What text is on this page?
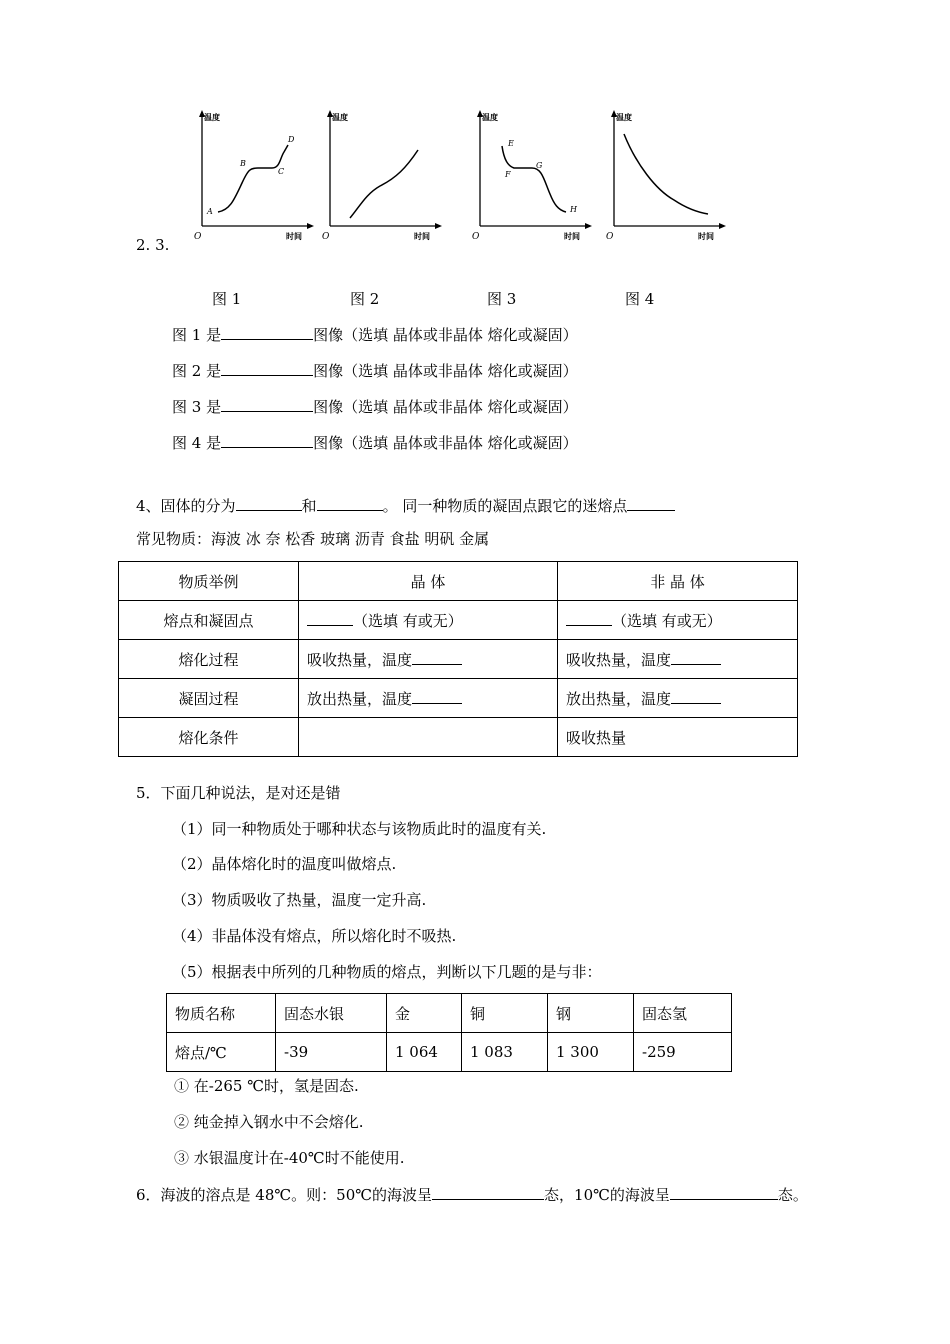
温度
O	时间
A
B
C
D
温度
O	时间
温度
O	时间
E
F
G
H
温度
O	时间
2. 3.
图 1	图 2	图 3	图 4
图 1 是	图像（选填 晶体或非晶体 熔化或凝固）
图 2 是	图像（选填 晶体或非晶体 熔化或凝固）
图 3 是	图像（选填 晶体或非晶体 熔化或凝固）
图 4 是	图像（选填 晶体或非晶体 熔化或凝固）
4、固体的分为	和	。 同一种物质的凝固点跟它的迷熔点
常见物质：海波 冰 奈 松香 玻璃 沥青 食盐 明矾 金属
物质举例	晶 体	非 晶 体
熔点和凝固点	（选填 有或无）	（选填 有或无）
熔化过程	吸收热量，温度	吸收热量，温度
凝固过程	放出热量，温度	放出热量，温度
熔化条件		吸收热量
5．下面几种说法，是对还是错
（1）同一种物质处于哪种状态与该物质此时的温度有关.
（2）晶体熔化时的温度叫做熔点.
（3）物质吸收了热量，温度一定升高.
（4）非晶体没有熔点，所以熔化时不吸热.
（5）根据表中所列的几种物质的熔点，判断以下几题的是与非：
物质名称	固态水银	金	铜	钢	固态氢
熔点/℃	-39	1 064	1 083	1 300	-259
① 在-265 ℃时，氢是固态.
② 纯金掉入钢水中不会熔化.
③ 水银温度计在-40℃时不能使用.
6．海波的溶点是 48℃。则：50℃的海波呈	态，10℃的海波呈	态。
